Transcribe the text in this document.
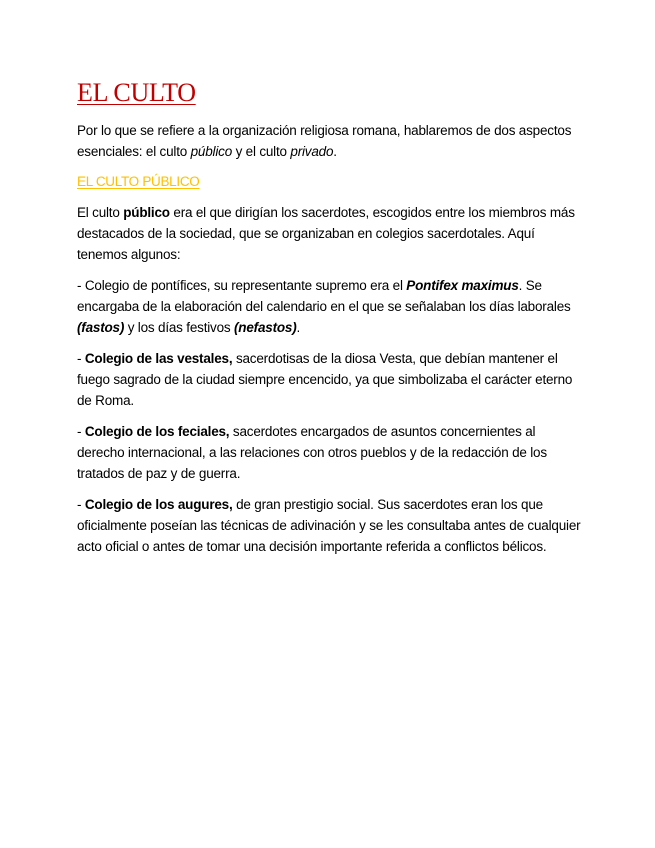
EL CULTO

Por lo que se refiere a la organización religiosa romana, hablaremos de dos aspectos esenciales: el culto público y el culto privado.

EL CULTO PÚBLICO

El culto público era el que dirigían los sacerdotes, escogidos entre los miembros más destacados de la sociedad, que se organizaban en colegios sacerdotales. Aquí tenemos algunos:

- Colegio de pontífices, su representante supremo era el Pontifex maximus. Se encargaba de la elaboración del calendario en el que se señalaban los días laborales (fastos) y los días festivos (nefastos).

- Colegio de las vestales, sacerdotisas de la diosa Vesta, que debían mantener el fuego sagrado de la ciudad siempre encencido, ya que simbolizaba el carácter eterno de Roma.

- Colegio de los feciales, sacerdotes encargados de asuntos concernientes al derecho internacional, a las relaciones con otros pueblos y de la redacción de los tratados de paz y de guerra.

- Colegio de los augures, de gran prestigio social. Sus sacerdotes eran los que oficialmente poseían las técnicas de adivinación y se les consultaba antes de cualquier acto oficial o antes de tomar una decisión importante referida a conflictos bélicos.
